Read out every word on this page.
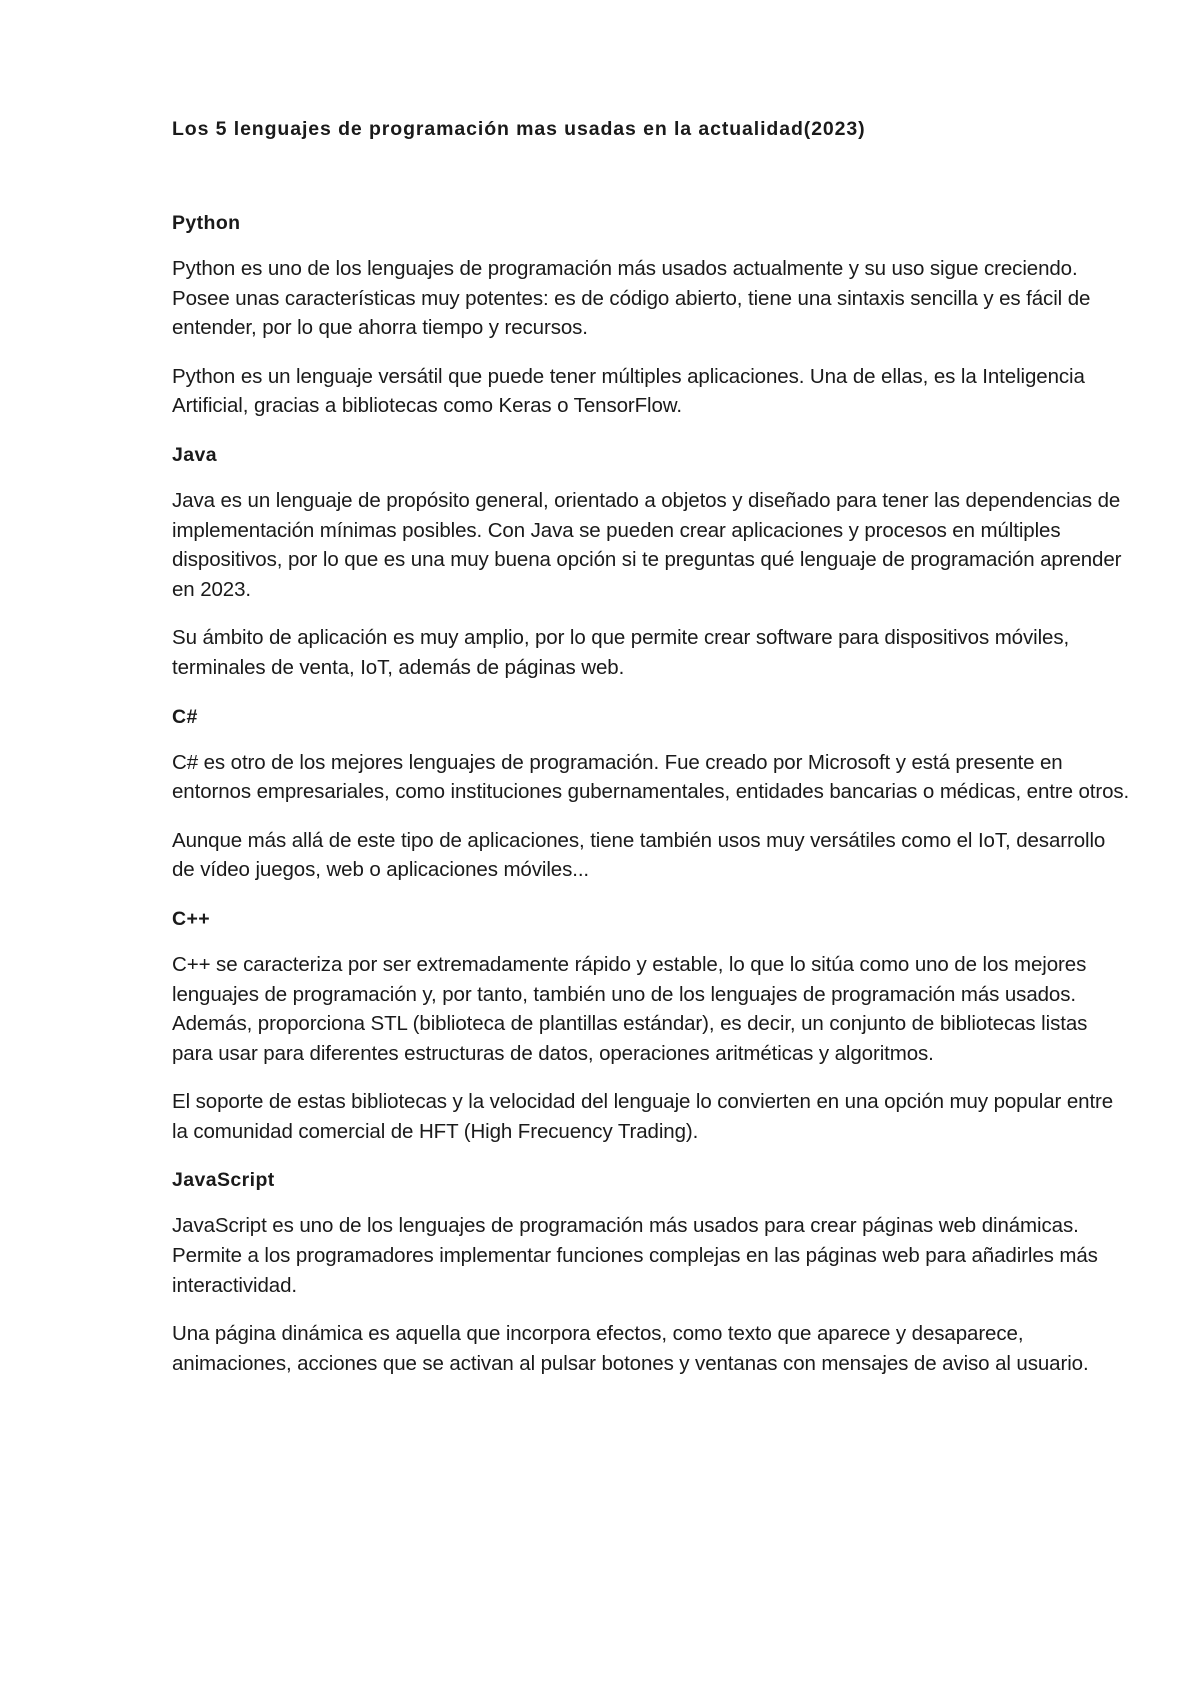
Los 5 lenguajes de programación mas usadas en la actualidad(2023)
Python

Python es uno de los lenguajes de programación más usados actualmente y su uso sigue creciendo. Posee unas características muy potentes: es de código abierto, tiene una sintaxis sencilla y es fácil de entender, por lo que ahorra tiempo y recursos.

Python es un lenguaje versátil que puede tener múltiples aplicaciones. Una de ellas, es la Inteligencia Artificial, gracias a bibliotecas como Keras o TensorFlow.

Java

Java es un lenguaje de propósito general, orientado a objetos y diseñado para tener las dependencias de implementación mínimas posibles. Con Java se pueden crear aplicaciones y procesos en múltiples dispositivos, por lo que es una muy buena opción si te preguntas qué lenguaje de programación aprender en 2023.

Su ámbito de aplicación es muy amplio, por lo que permite crear software para dispositivos móviles, terminales de venta, IoT, además de páginas web.

C#

C# es otro de los mejores lenguajes de programación. Fue creado por Microsoft y está presente en entornos empresariales, como instituciones gubernamentales, entidades bancarias o médicas, entre otros.

Aunque más allá de este tipo de aplicaciones, tiene también usos muy versátiles como el IoT, desarrollo de vídeo juegos, web o aplicaciones móviles...

C++

C++ se caracteriza por ser extremadamente rápido y estable, lo que lo sitúa como uno de los mejores lenguajes de programación y, por tanto, también uno de los lenguajes de programación más usados. Además, proporciona STL (biblioteca de plantillas estándar), es decir, un conjunto de bibliotecas listas para usar para diferentes estructuras de datos, operaciones aritméticas y algoritmos.

El soporte de estas bibliotecas y la velocidad del lenguaje lo convierten en una opción muy popular entre la comunidad comercial de HFT (High Frecuency Trading).

JavaScript

JavaScript es uno de los lenguajes de programación más usados para crear páginas web dinámicas. Permite a los programadores implementar funciones complejas en las páginas web para añadirles más interactividad.

Una página dinámica es aquella que incorpora efectos, como texto que aparece y desaparece, animaciones, acciones que se activan al pulsar botones y ventanas con mensajes de aviso al usuario.
